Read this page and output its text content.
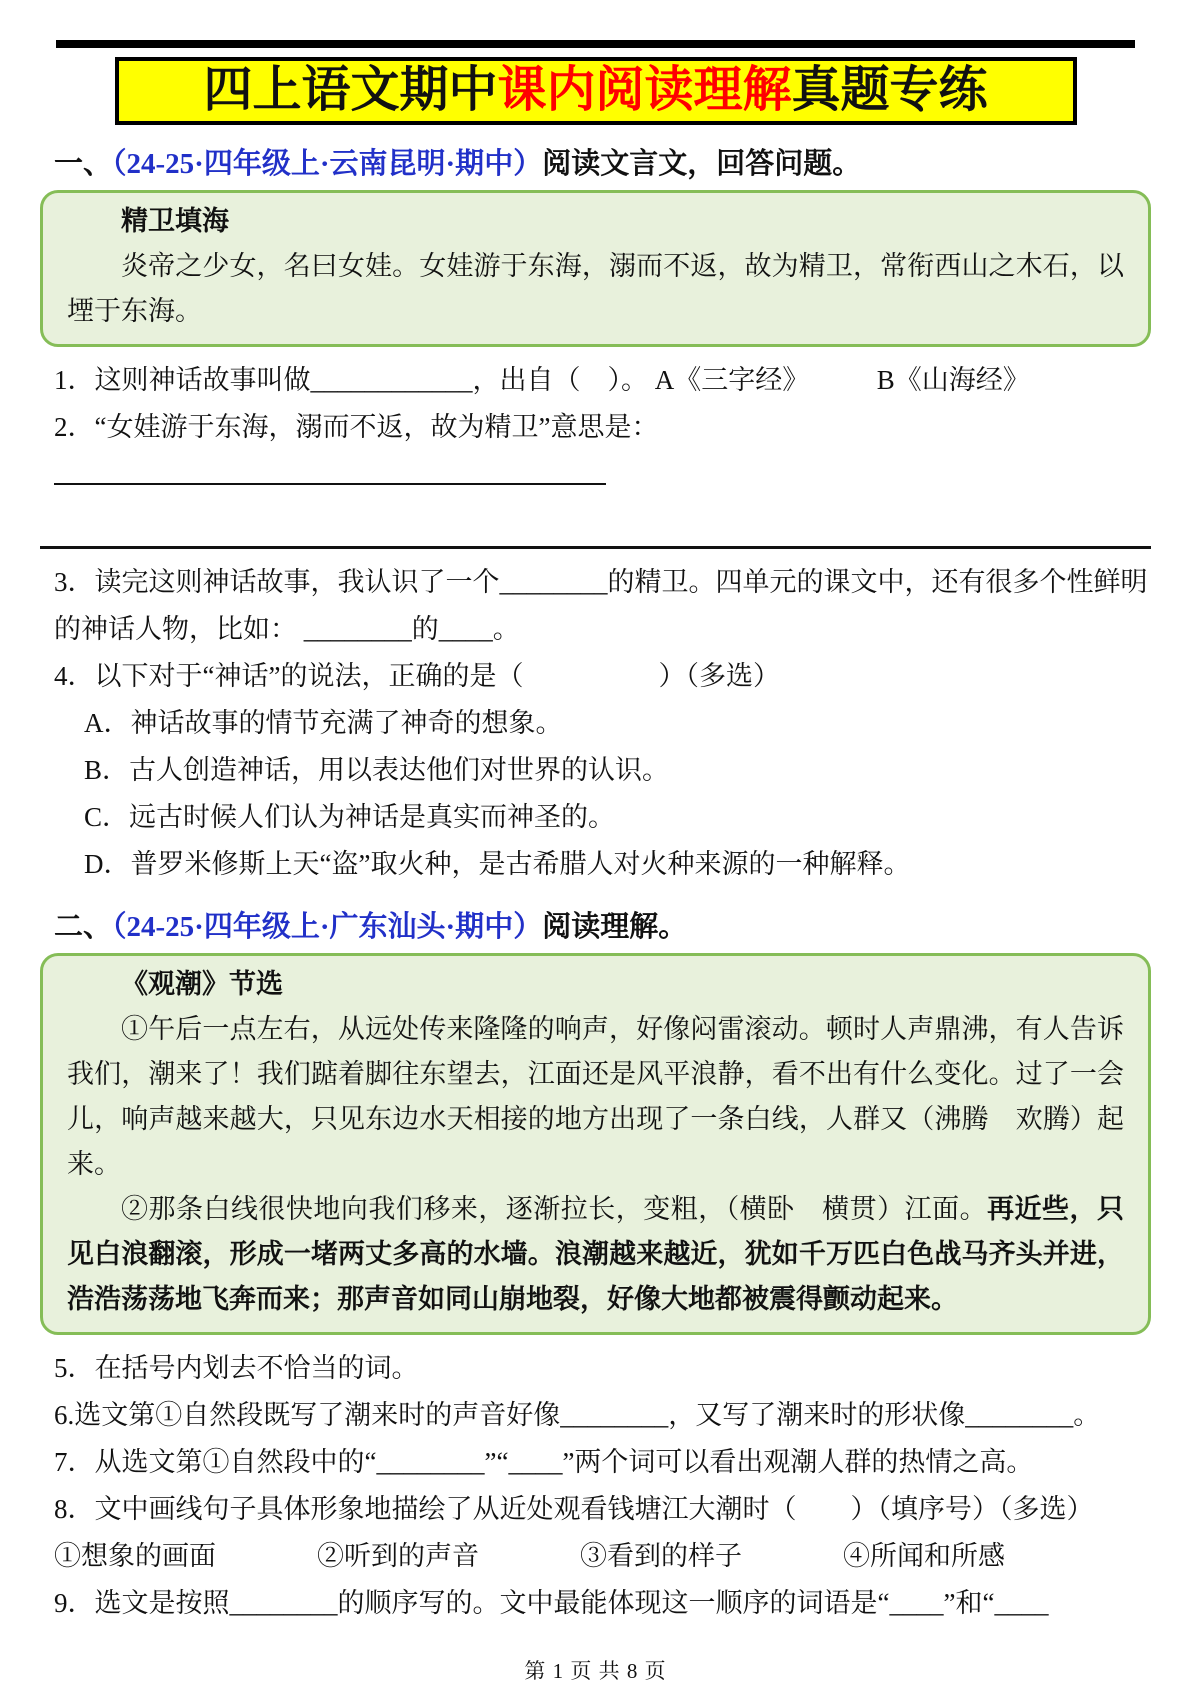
四上语文期中课内阅读理解真题专练
一、（24-25·四年级上·云南昆明·期中）阅读文言文，回答问题。

精卫填海

炎帝之少女，名曰女娃。女娃游于东海，溺而不返，故为精卫，常衔西山之木石，以堙于东海。

1．这则神话故事叫做____________，出自（　）。 A《三字经》　　　B《山海经》

2．“女娃游于东海，溺而不返，故为精卫”意思是：

3．读完这则神话故事，我认识了一个________的精卫。四单元的课文中，还有很多个性鲜明的神话人物，比如： ________的____。

4．以下对于“神话”的说法，正确的是（　　　　　）（多选）

A．神话故事的情节充满了神奇的想象。

B．古人创造神话，用以表达他们对世界的认识。

C．远古时候人们认为神话是真实而神圣的。

D．普罗米修斯上天“盗”取火种，是古希腊人对火种来源的一种解释。

二、（24-25·四年级上·广东汕头·期中）阅读理解。

《观潮》节选

①午后一点左右，从远处传来隆隆的响声，好像闷雷滚动。顿时人声鼎沸，有人告诉我们，潮来了！我们踮着脚往东望去，江面还是风平浪静，看不出有什么变化。过了一会儿，响声越来越大，只见东边水天相接的地方出现了一条白线，人群又（沸腾　欢腾）起来。

②那条白线很快地向我们移来，逐渐拉长，变粗，（横卧　横贯）江面。再近些，只见白浪翻滚，形成一堵两丈多高的水墙。浪潮越来越近，犹如千万匹白色战马齐头并进，浩浩荡荡地飞奔而来；那声音如同山崩地裂，好像大地都被震得颤动起来。

5．在括号内划去不恰当的词。

6.选文第①自然段既写了潮来时的声音好像________，又写了潮来时的形状像________。

7．从选文第①自然段中的“________”“____”两个词可以看出观潮人群的热情之高。

8．文中画线句子具体形象地描绘了从近处观看钱塘江大潮时（　　）（填序号）（多选）

①想象的画面	②听到的声音	③看到的样子	④所闻和所感

9．选文是按照________的顺序写的。文中最能体现这一顺序的词语是“____”和“____

第 1 页 共 8 页
